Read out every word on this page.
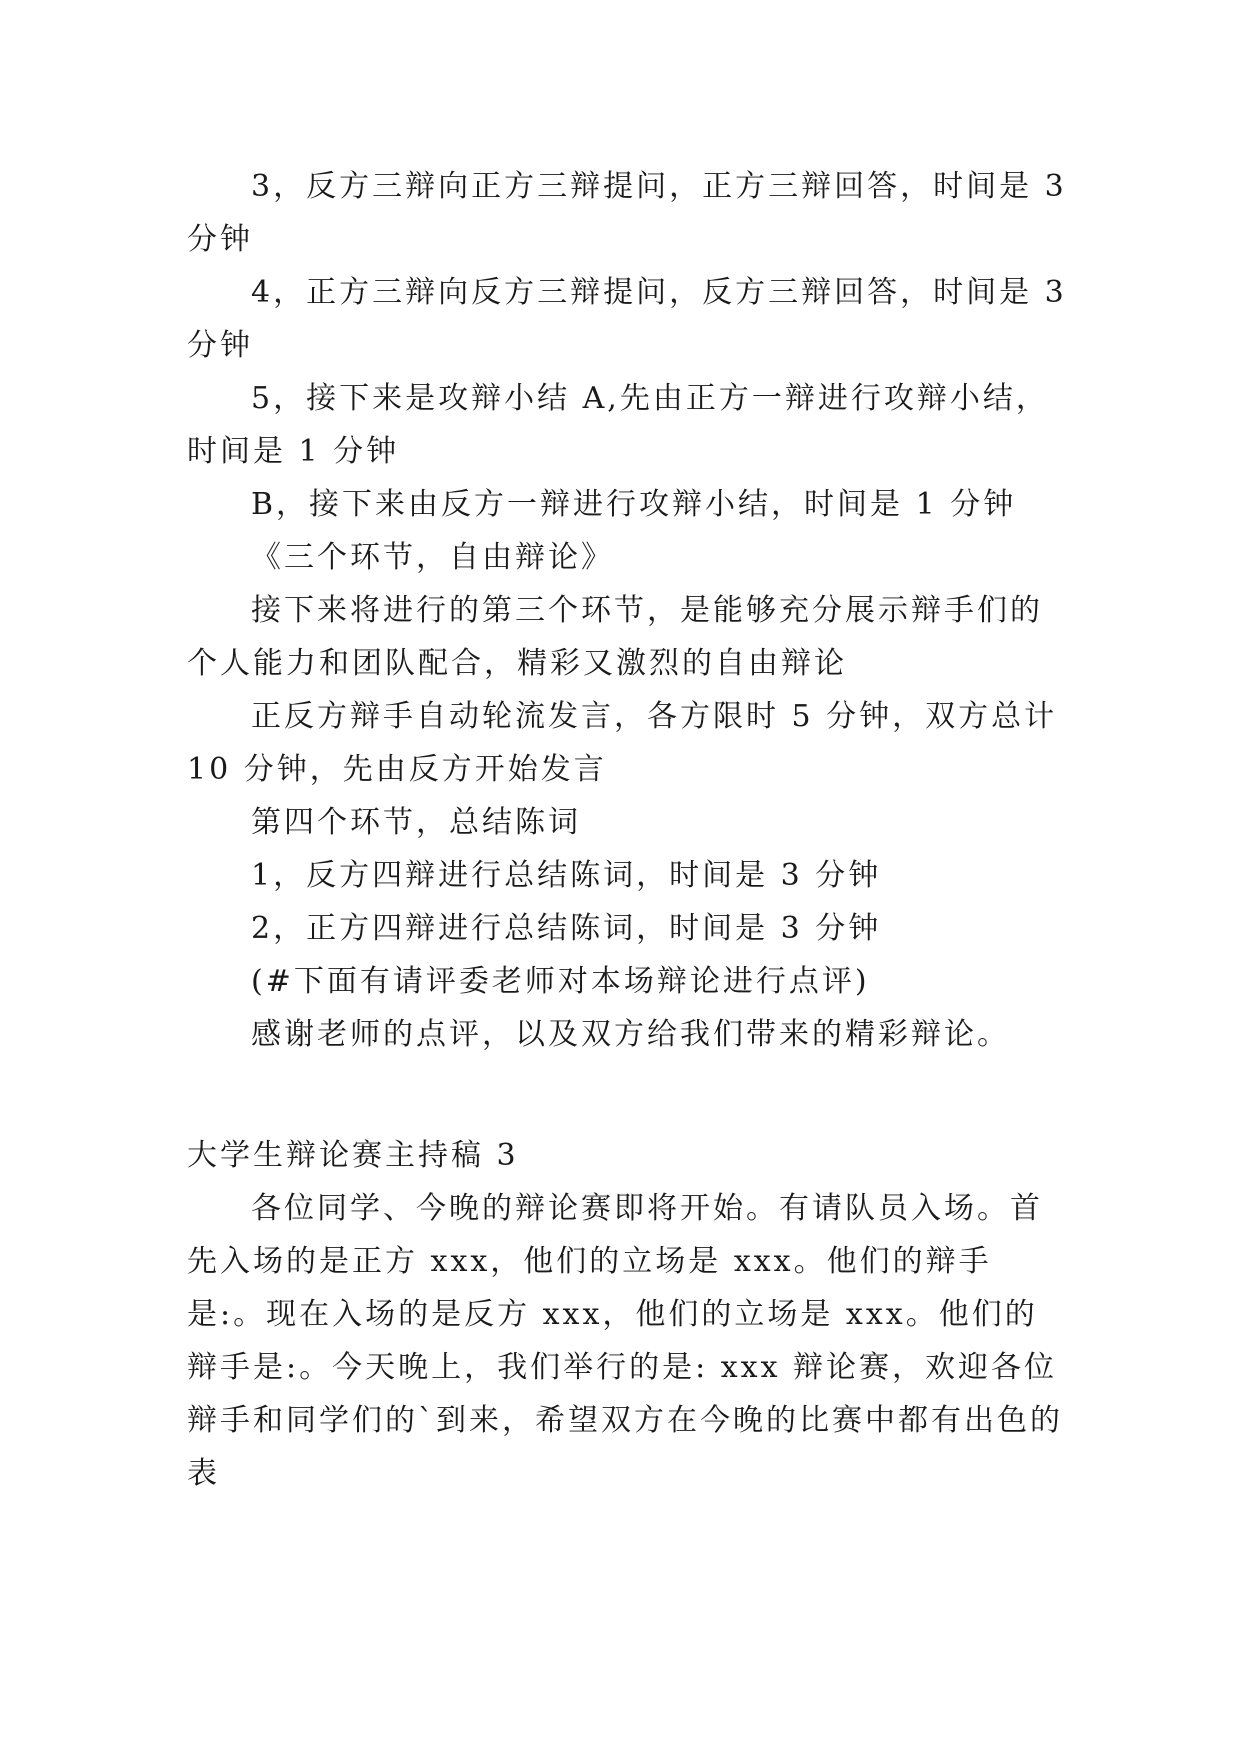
3，反方三辩向正方三辩提问，正方三辩回答，时间是 3 分钟

4，正方三辩向反方三辩提问，反方三辩回答，时间是 3 分钟

5，接下来是攻辩小结 A,先由正方一辩进行攻辩小结，时间是 1 分钟

B，接下来由反方一辩进行攻辩小结，时间是 1 分钟

《三个环节，自由辩论》

接下来将进行的第三个环节，是能够充分展示辩手们的个人能力和团队配合，精彩又激烈的自由辩论

正反方辩手自动轮流发言，各方限时 5 分钟，双方总计 10 分钟，先由反方开始发言

第四个环节，总结陈词

1，反方四辩进行总结陈词，时间是 3 分钟

2，正方四辩进行总结陈词，时间是 3 分钟

(#下面有请评委老师对本场辩论进行点评)

感谢老师的点评，以及双方给我们带来的精彩辩论。

大学生辩论赛主持稿 3

各位同学、今晚的辩论赛即将开始。有请队员入场。首先入场的是正方 xxx，他们的立场是 xxx。他们的辩手是:。现在入场的是反方 xxx，他们的立场是 xxx。他们的辩手是:。今天晚上，我们举行的是: xxx 辩论赛，欢迎各位辩手和同学们的`到来，希望双方在今晚的比赛中都有出色的表
